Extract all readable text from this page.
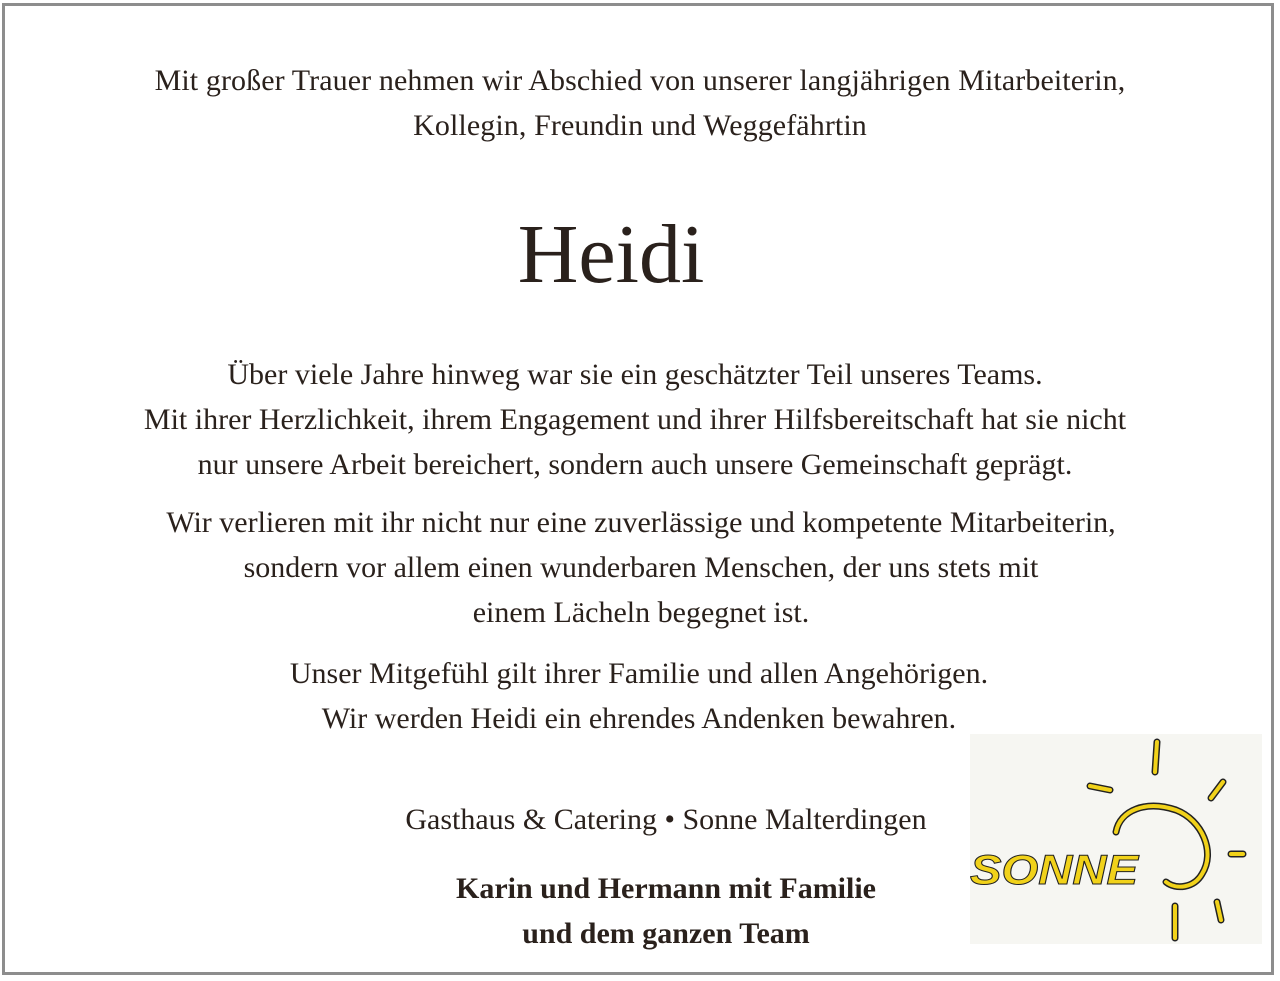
Mit großer Trauer nehmen wir Abschied von unserer langjährigen Mitarbeiterin,
Kollegin, Freundin und Weggefährtin
Heidi
Über viele Jahre hinweg war sie ein geschätzter Teil unseres Teams.
Mit ihrer Herzlichkeit, ihrem Engagement und ihrer Hilfsbereitschaft hat sie nicht
nur unsere Arbeit bereichert, sondern auch unsere Gemeinschaft geprägt.
Wir verlieren mit ihr nicht nur eine zuverlässige und kompetente Mitarbeiterin,
sondern vor allem einen wunderbaren Menschen, der uns stets mit
einem Lächeln begegnet ist.
Unser Mitgefühl gilt ihrer Familie und allen Angehörigen.
Wir werden Heidi ein ehrendes Andenken bewahren.
Gasthaus & Catering • Sonne Malterdingen
Karin und Hermann mit Familie
und dem ganzen Team
SONNE
